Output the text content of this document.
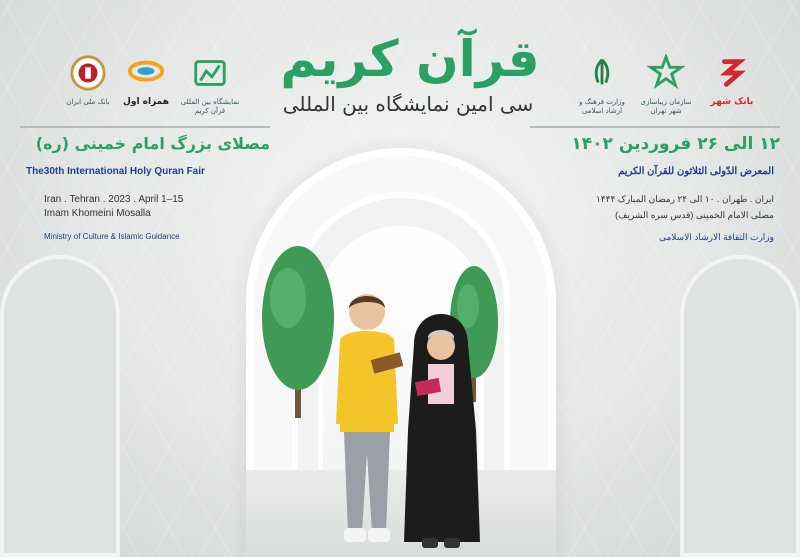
بانک ملی ایران	همراه اول	نمایشگاه بین المللی قرآن کریم
وزارت فرهنگ و ارشاد اسلامی
سازمان زیباسازی شهر تهران
بانک شهر
قرآن کریم
سی امین نمایشگاه بین المللی
مصلای بزرگ امام خمینی (ره)
The30th International Holy Quran Fair
Iran . Tehran . 2023 . April 1–15
Imam Khomeini Mosalla
Ministry of Culture & Islamic Guidance
۱۲ الی ۲۶ فروردین ۱۴۰۲
المعرض الدّولی الثلاثون للقرآن الکریم
ایران . طهران . ۱۰ الی ۲۴ رمضان المبارک ۱۴۴۴
مصلی الامام الخمینی (قدس سره الشریف)
وزارت الثقافة الارشاد الاسلامی
